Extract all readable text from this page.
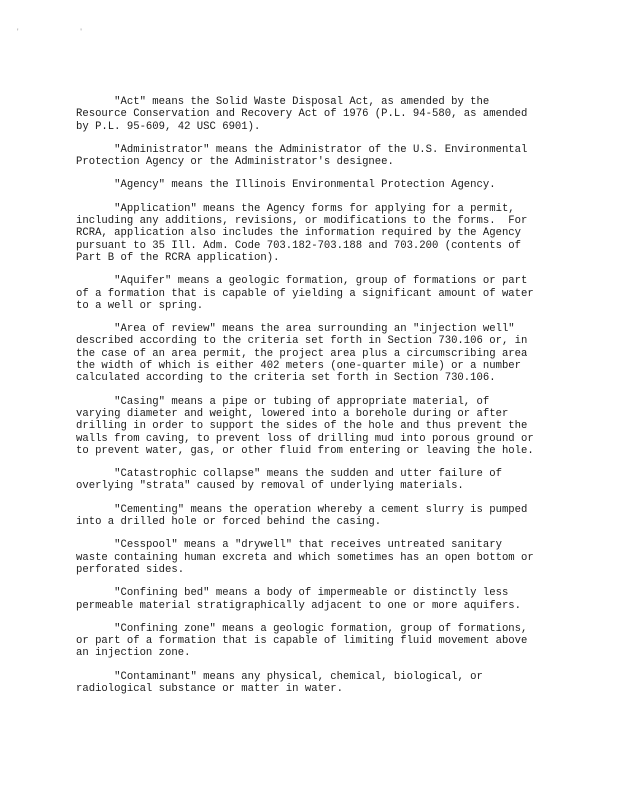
' '

"Act" means the Solid Waste Disposal Act, as amended by the
Resource Conservation and Recovery Act of 1976 (P.L. 94-580, as amended
by P.L. 95-609, 42 USC 6901).

"Administrator" means the Administrator of the U.S. Environmental
Protection Agency or the Administrator's designee.

"Agency" means the Illinois Environmental Protection Agency.

"Application" means the Agency forms for applying for a permit,
including any additions, revisions, or modifications to the forms.  For
RCRA, application also includes the information required by the Agency
pursuant to 35 Ill. Adm. Code 703.182-703.188 and 703.200 (contents of
Part B of the RCRA application).

"Aquifer" means a geologic formation, group of formations or part
of a formation that is capable of yielding a significant amount of water
to a well or spring.

"Area of review" means the area surrounding an "injection well"
described according to the criteria set forth in Section 730.106 or, in
the case of an area permit, the project area plus a circumscribing area
the width of which is either 402 meters (one-quarter mile) or a number
calculated according to the criteria set forth in Section 730.106.

"Casing" means a pipe or tubing of appropriate material, of
varying diameter and weight, lowered into a borehole during or after
drilling in order to support the sides of the hole and thus prevent the
walls from caving, to prevent loss of drilling mud into porous ground or
to prevent water, gas, or other fluid from entering or leaving the hole.

"Catastrophic collapse" means the sudden and utter failure of
overlying "strata" caused by removal of underlying materials.

"Cementing" means the operation whereby a cement slurry is pumped
into a drilled hole or forced behind the casing.

"Cesspool" means a "drywell" that receives untreated sanitary
waste containing human excreta and which sometimes has an open bottom or
perforated sides.

"Confining bed" means a body of impermeable or distinctly less
permeable material stratigraphically adjacent to one or more aquifers.

"Confining zone" means a geologic formation, group of formations,
or part of a formation that is capable of limiting fluid movement above
an injection zone.

"Contaminant" means any physical, chemical, biological, or
radiological substance or matter in water.
